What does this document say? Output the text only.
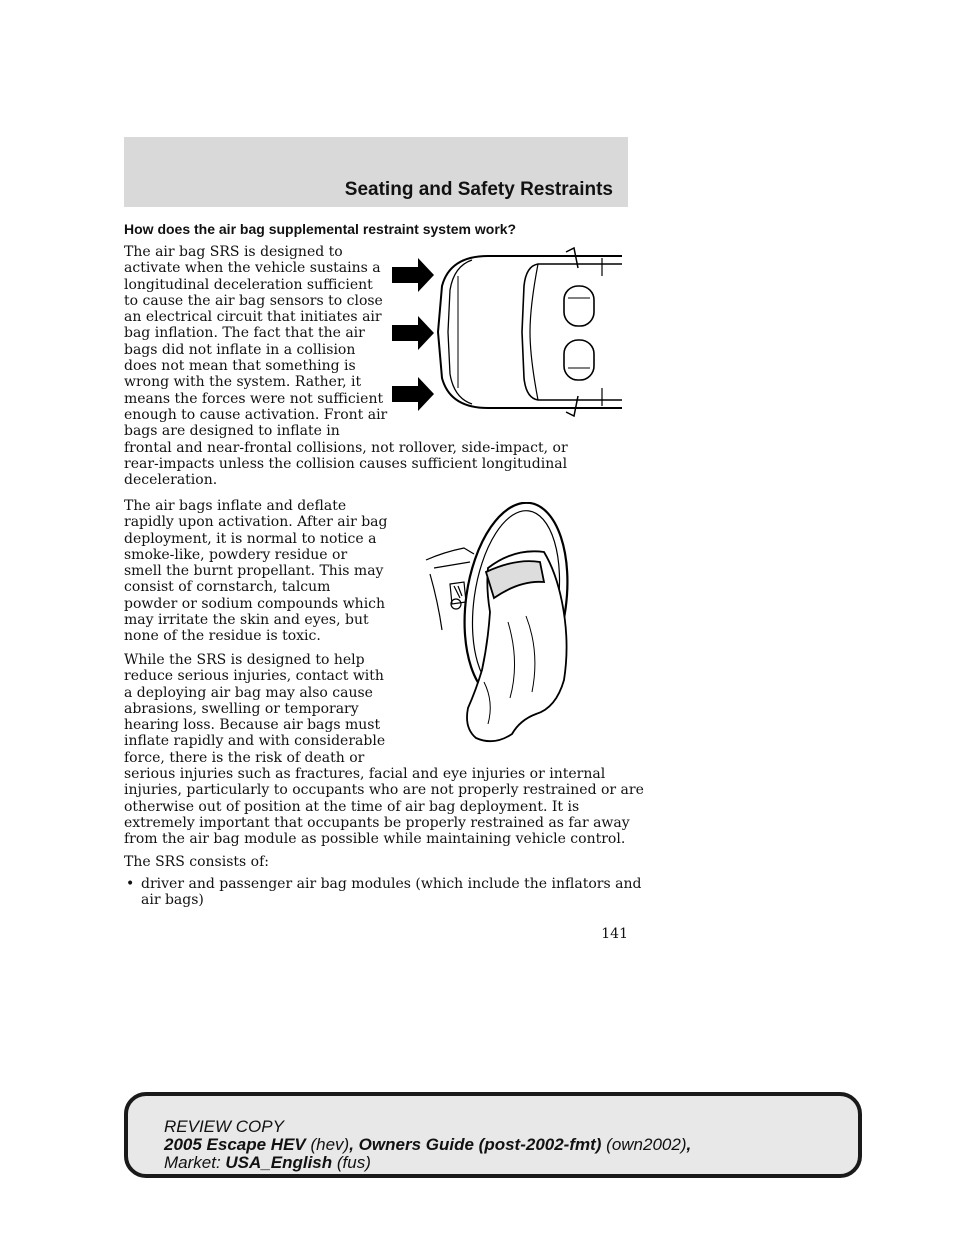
Seating and Safety Restraints
How does the air bag supplemental restraint system work?
The air bag SRS is designed to
activate when the vehicle sustains a
longitudinal deceleration sufficient
to cause the air bag sensors to close
an electrical circuit that initiates air
bag inflation. The fact that the air
bags did not inflate in a collision
does not mean that something is
wrong with the system. Rather, it
means the forces were not sufficient
enough to cause activation. Front air
bags are designed to inflate in
frontal and near-frontal collisions, not rollover, side-impact, or
rear-impacts unless the collision causes sufficient longitudinal
deceleration.
The air bags inflate and deflate
rapidly upon activation. After air bag
deployment, it is normal to notice a
smoke-like, powdery residue or
smell the burnt propellant. This may
consist of cornstarch, talcum
powder or sodium compounds which
may irritate the skin and eyes, but
none of the residue is toxic.
While the SRS is designed to help
reduce serious injuries, contact with
a deploying air bag may also cause
abrasions, swelling or temporary
hearing loss. Because air bags must
inflate rapidly and with considerable
force, there is the risk of death or
serious injuries such as fractures, facial and eye injuries or internal
injuries, particularly to occupants who are not properly restrained or are
otherwise out of position at the time of air bag deployment. It is
extremely important that occupants be properly restrained as far away
from the air bag module as possible while maintaining vehicle control.

The SRS consists of:

• driver and passenger air bag modules (which include the inflators and
air bags)
141
REVIEW COPY
2005 Escape HEV (hev), Owners Guide (post-2002-fmt) (own2002),
Market: USA_English (fus)
